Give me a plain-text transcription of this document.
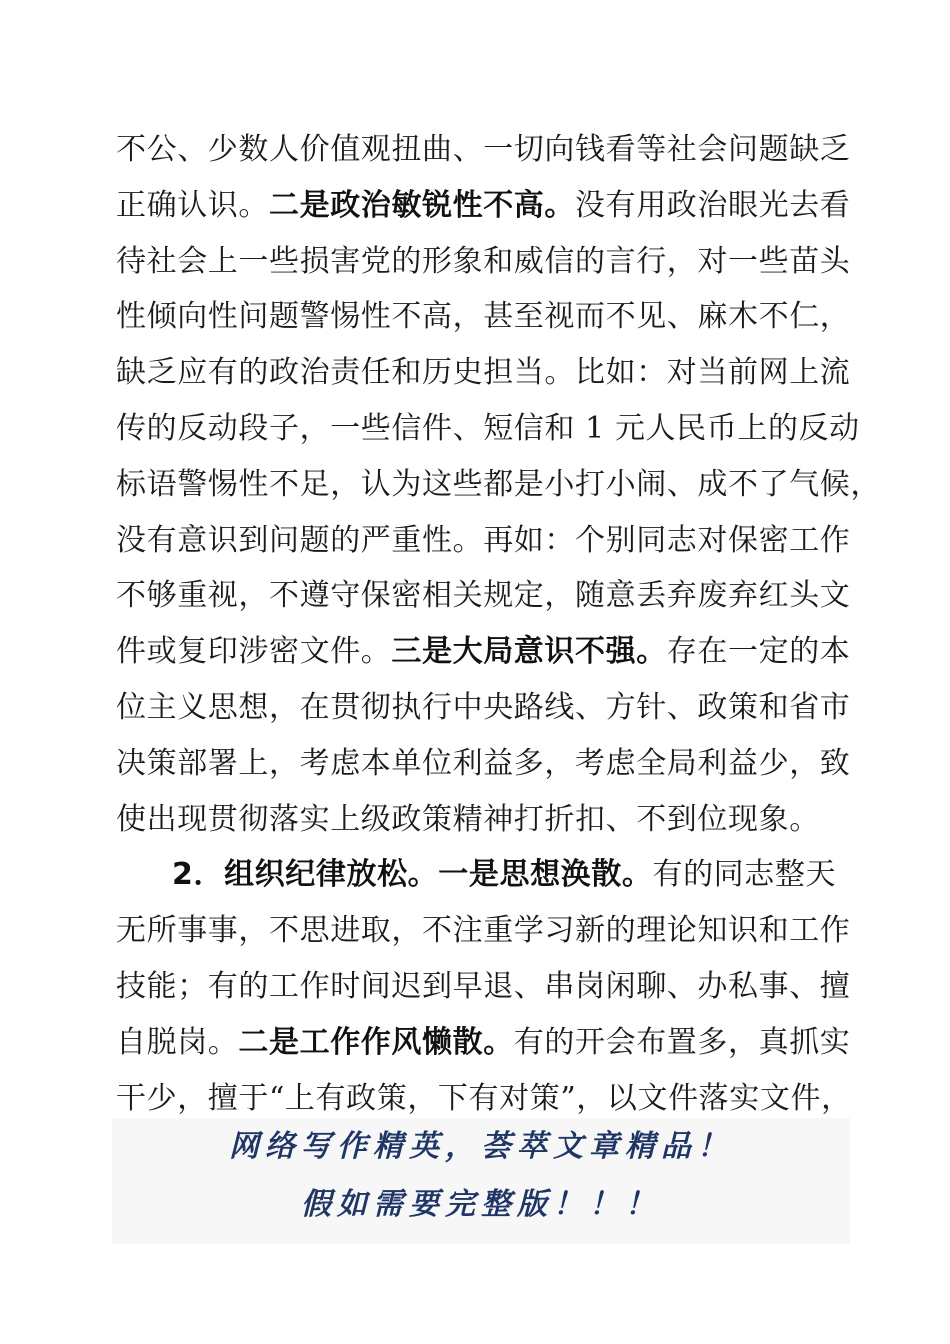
不公、少数人价值观扭曲、一切向钱看等社会问题缺乏
正确认识。二是政治敏锐性不高。没有用政治眼光去看
待社会上一些损害党的形象和威信的言行，对一些苗头
性倾向性问题警惕性不高，甚至视而不见、麻木不仁，
缺乏应有的政治责任和历史担当。比如：对当前网上流
传的反动段子，一些信件、短信和 1 元人民币上的反动
标语警惕性不足，认为这些都是小打小闹、成不了气候，
没有意识到问题的严重性。再如：个别同志对保密工作
不够重视，不遵守保密相关规定，随意丢弃废弃红头文
件或复印涉密文件。三是大局意识不强。存在一定的本
位主义思想，在贯彻执行中央路线、方针、政策和省市
决策部署上，考虑本单位利益多，考虑全局利益少，致
使出现贯彻落实上级政策精神打折扣、不到位现象。
2．组织纪律放松。一是思想涣散。有的同志整天
无所事事，不思进取，不注重学习新的理论知识和工作
技能；有的工作时间迟到早退、串岗闲聊、办私事、擅
自脱岗。二是工作作风懒散。有的开会布置多，真抓实
干少，擅于“上有政策，下有对策”，以文件落实文件，
网络写作精英，荟萃文章精品！
假如需要完整版！！！
